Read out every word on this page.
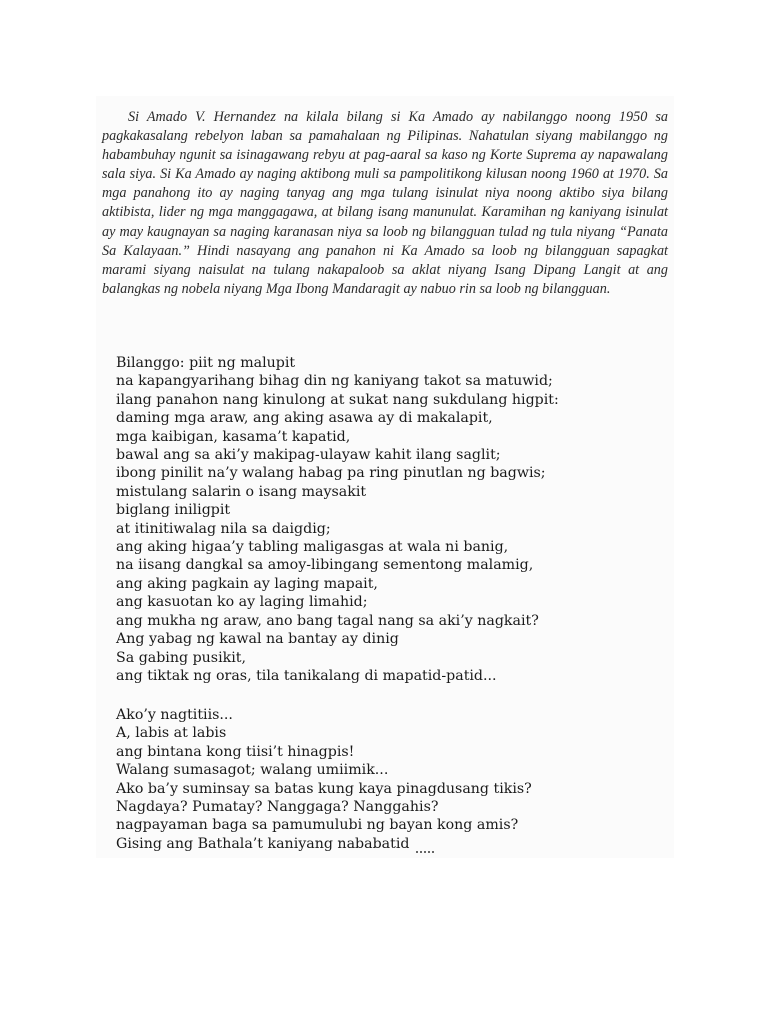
Si Amado V. Hernandez na kilala bilang si Ka Amado ay nabilanggo noong 1950 sa pagkakasalang rebelyon laban sa pamahalaan ng Pilipinas. Nahatulan siyang mabilanggo ng habambuhay ngunit sa isinagawang rebyu at pag-aaral sa kaso ng Korte Suprema ay napawalang sala siya. Si Ka Amado ay naging aktibong muli sa pampolitikong kilusan noong 1960 at 1970. Sa mga panahong ito ay naging tanyag ang mga tulang isinulat niya noong aktibo siya bilang aktibista, lider ng mga manggagawa, at bilang isang manunulat. Karamihan ng kaniyang isinulat ay may kaugnayan sa naging karanasan niya sa loob ng bilangguan tulad ng tula niyang “Panata Sa Kalayaan.” Hindi nasayang ang panahon ni Ka Amado sa loob ng bilangguan sapagkat marami siyang naisulat na tulang nakapaloob sa aklat niyang Isang Dipang Langit at ang balangkas ng nobela niyang Mga Ibong Mandaragit ay nabuo rin sa loob ng bilangguan.

Bilanggo: piit ng malupit
na kapangyarihang bihag din ng kaniyang takot sa matuwid;
ilang panahon nang kinulong at sukat nang sukdulang higpit:
daming mga araw, ang aking asawa ay di makalapit,
mga kaibigan, kasama’t kapatid,
bawal ang sa aki’y makipag-ulayaw kahit ilang saglit;
ibong pinilit na’y walang habag pa ring pinutlan ng bagwis;
mistulang salarin o isang maysakit
biglang iniligpit
at itinitiwalag nila sa daigdig;
ang aking higaa’y tabling maligasgas at wala ni banig,
na iisang dangkal sa amoy-libingang sementong malamig,
ang aking pagkain ay laging mapait,
ang kasuotan ko ay laging limahid;
ang mukha ng araw, ano bang tagal nang sa aki’y nagkait?
Ang yabag ng kawal na bantay ay dinig
Sa gabing pusikit,
ang tiktak ng oras, tila tanikalang di mapatid-patid...
Ako’y nagtitiis...
A, labis at labis
ang bintana kong tiisi’t hinagpis!
Walang sumasagot; walang umiimik...
Ako ba’y suminsay sa batas kung kaya pinagdusang tikis?
Nagdaya? Pumatay? Nanggaga? Nanggahis?
nagpayaman baga sa pamumulubi ng bayan kong amis?
Gising ang Bathala’t kaniyang nababatid
